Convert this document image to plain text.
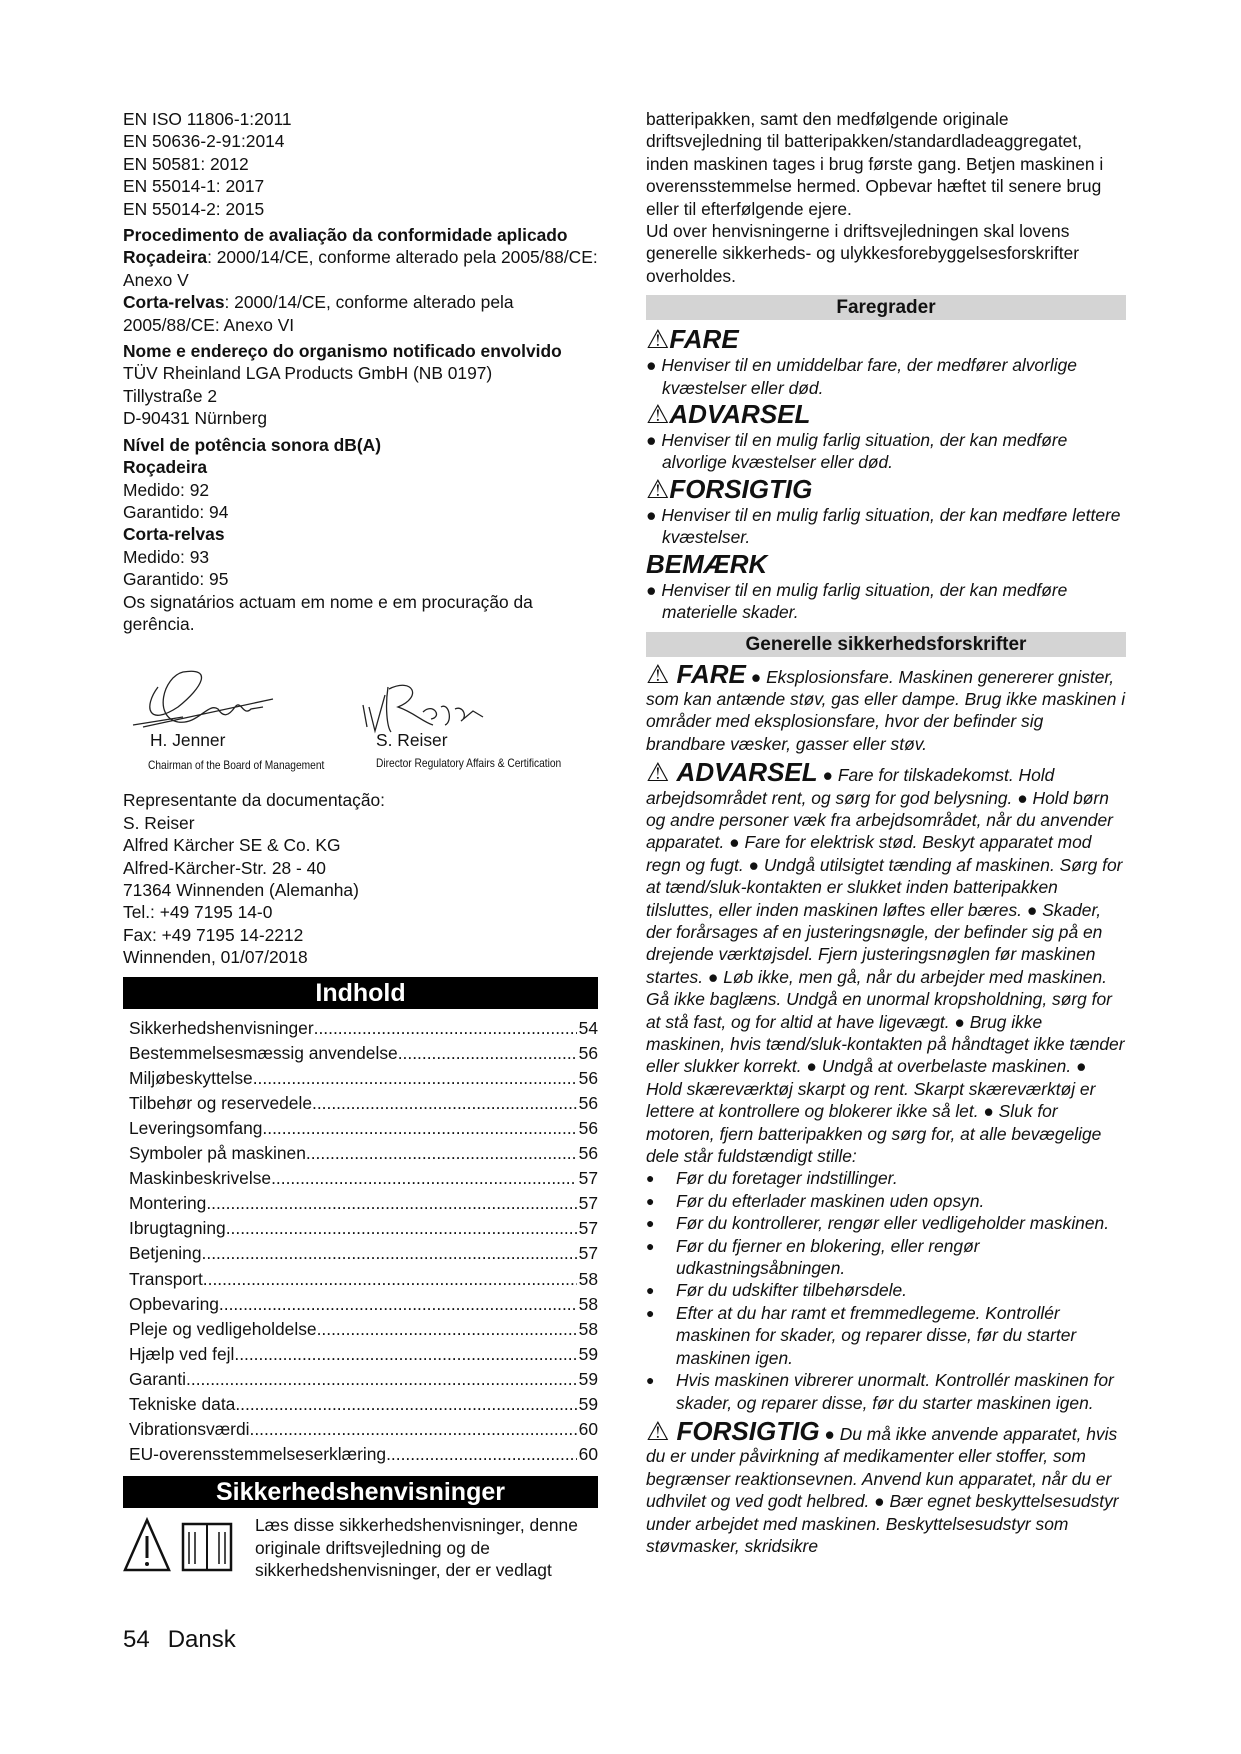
EN ISO 11806-1:2011

EN 50636-2-91:2014

EN 50581: 2012

EN 55014-1: 2017

EN 55014-2: 2015

Procedimento de avaliação da conformidade aplicado

Roçadeira: 2000/14/CE, conforme alterado pela 2005/88/CE: Anexo V

Corta-relvas: 2000/14/CE, conforme alterado pela 2005/88/CE: Anexo VI

Nome e endereço do organismo notificado envolvido

TÜV Rheinland LGA Products GmbH (NB 0197)

Tillystraße 2

D-90431 Nürnberg

Nível de potência sonora dB(A)

Roçadeira

Medido: 92

Garantido: 94

Corta-relvas

Medido: 93

Garantido: 95

Os signatários actuam em nome e em procuração da gerência.

H. Jenner
Chairman of the Board of Management
S. Reiser
Director Regulatory Affairs & Certification

Representante da documentação:

S. Reiser

Alfred Kärcher SE & Co. KG

Alfred-Kärcher-Str. 28 - 40

71364 Winnenden (Alemanha)

Tel.: +49 7195 14-0

Fax: +49 7195 14-2212

Winnenden, 01/07/2018

Indhold
Sikkerhedshenvisninger .....	54
Bestemmelsesmæssig anvendelse .....	56
Miljøbeskyttelse .....	56
Tilbehør og reservedele .....	56
Leveringsomfang .....	56
Symboler på maskinen .....	56
Maskinbeskrivelse .....	57
Montering .....	57
Ibrugtagning .....	57
Betjening .....	57
Transport .....	58
Opbevaring .....	58
Pleje og vedligeholdelse .....	58
Hjælp ved fejl .....	59
Garanti .....	59
Tekniske data .....	59
Vibrationsværdi .....	60
EU-overensstemmelseserklæring .....	60
Sikkerhedshenvisninger

Læs disse sikkerhedshenvisninger, denne originale driftsvejledning og de sikkerhedshenvisninger, der er vedlagt

batteripakken, samt den medfølgende originale driftsvejledning til batteripakken/standardladeaggregatet, inden maskinen tages i brug første gang. Betjen maskinen i overensstemmelse hermed. Opbevar hæftet til senere brug eller til efterfølgende ejere.

Ud over henvisningerne i driftsvejledningen skal lovens generelle sikkerheds- og ulykkesforebyggelsesforskrifter overholdes.

Faregrader
⚠FARE

● Henviser til en umiddelbar fare, der medfører alvorlige kvæstelser eller død.

⚠ADVARSEL

● Henviser til en mulig farlig situation, der kan medføre alvorlige kvæstelser eller død.

⚠FORSIGTIG

● Henviser til en mulig farlig situation, der kan medføre lettere kvæstelser.

BEMÆRK

● Henviser til en mulig farlig situation, der kan medføre materielle skader.

Generelle sikkerhedsforskrifter

⚠ FARE ● Eksplosionsfare. Maskinen genererer gnister, som kan antænde støv, gas eller dampe. Brug ikke maskinen i områder med eksplosionsfare, hvor der befinder sig brandbare væsker, gasser eller støv.

⚠ ADVARSEL ● Fare for tilskadekomst. Hold arbejdsområdet rent, og sørg for god belysning. ● Hold børn og andre personer væk fra arbejdsområdet, når du anvender apparatet. ● Fare for elektrisk stød. Beskyt apparatet mod regn og fugt. ● Undgå utilsigtet tænding af maskinen. Sørg for at tænd/sluk-kontakten er slukket inden batteripakken tilsluttes, eller inden maskinen løftes eller bæres. ● Skader, der forårsages af en justeringsnøgle, der befinder sig på en drejende værktøjsdel. Fjern justeringsnøglen før maskinen startes. ● Løb ikke, men gå, når du arbejder med maskinen. Gå ikke baglæns. Undgå en unormal kropsholdning, sørg for at stå fast, og for altid at have ligevægt. ● Brug ikke maskinen, hvis tænd/sluk-kontakten på håndtaget ikke tænder eller slukker korrekt. ● Undgå at overbelaste maskinen. ● Hold skæreværktøj skarpt og rent. Skarpt skæreværktøj er lettere at kontrollere og blokerer ikke så let. ● Sluk for motoren, fjern batteripakken og sørg for, at alle bevægelige dele står fuldstændigt stille:

● Før du foretager indstillinger.

● Før du efterlader maskinen uden opsyn.

● Før du kontrollerer, rengør eller vedligeholder maskinen.

● Før du fjerner en blokering, eller rengør udkastningsåbningen.

● Før du udskifter tilbehørsdele.

● Efter at du har ramt et fremmedlegeme. Kontrollér maskinen for skader, og reparer disse, før du starter maskinen igen.

● Hvis maskinen vibrerer unormalt. Kontrollér maskinen for skader, og reparer disse, før du starter maskinen igen.

⚠ FORSIGTIG ● Du må ikke anvende apparatet, hvis du er under påvirkning af medikamenter eller stoffer, som begrænser reaktionsevnen. Anvend kun apparatet, når du er udhvilet og ved godt helbred. ● Bær egnet beskyttelsesudstyr under arbejdet med maskinen. Beskyttelsesudstyr som støvmasker, skridsikre

54 Dansk
